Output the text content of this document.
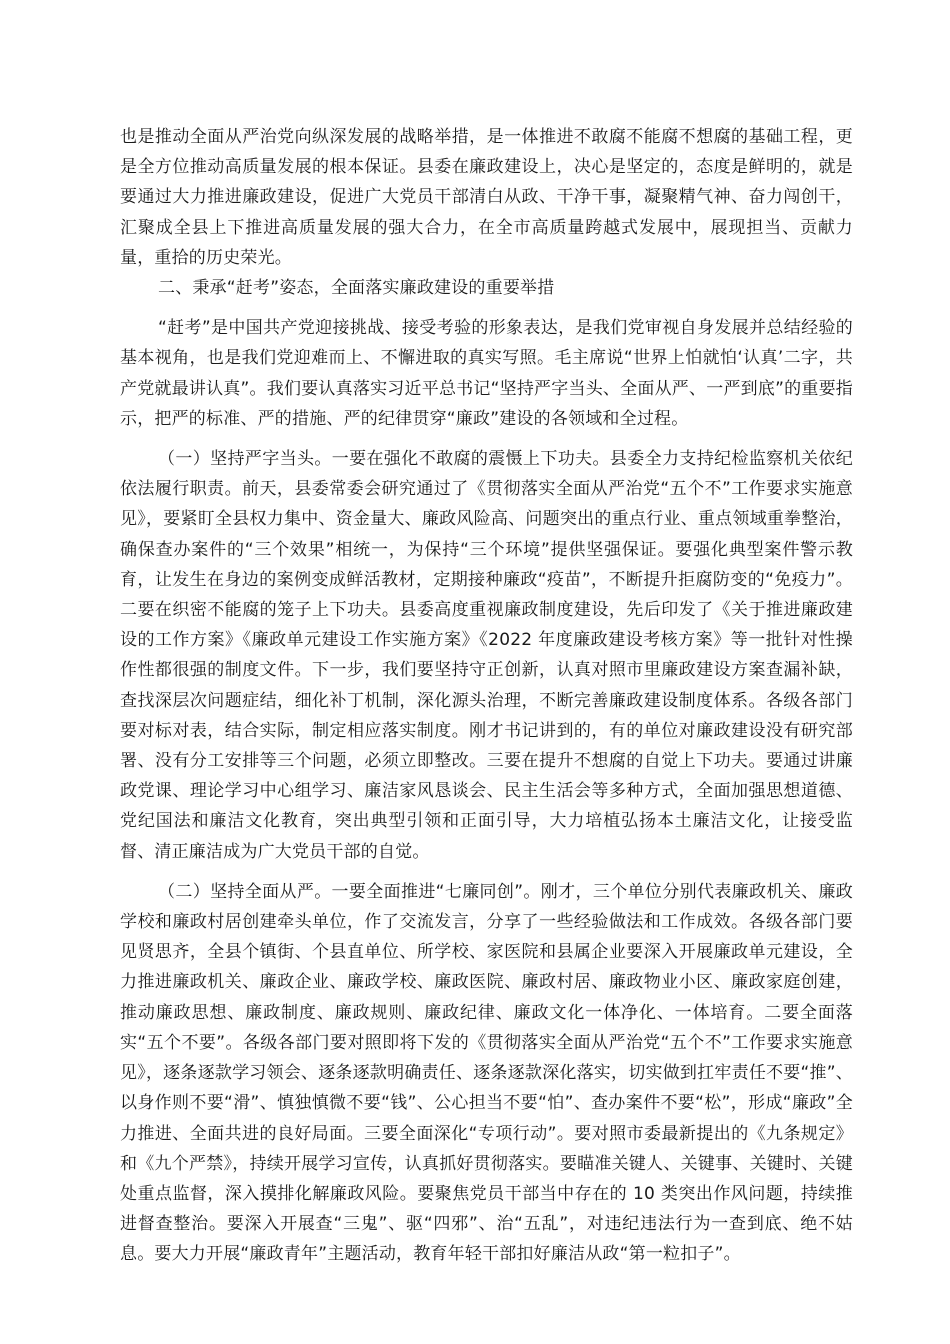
也是推动全面从严治党向纵深发展的战略举措，是一体推进不敢腐不能腐不想腐的基础工程，更是全方位推动高质量发展的根本保证。县委在廉政建设上，决心是坚定的，态度是鲜明的，就是要通过大力推进廉政建设，促进广大党员干部清白从政、干净干事，凝聚精气神、奋力闯创干，汇聚成全县上下推进高质量发展的强大合力，在全市高质量跨越式发展中，展现担当、贡献力量，重拾的历史荣光。

二、秉承“赶考”姿态，全面落实廉政建设的重要举措

“赶考”是中国共产党迎接挑战、接受考验的形象表达，是我们党审视自身发展并总结经验的基本视角，也是我们党迎难而上、不懈进取的真实写照。毛主席说“世界上怕就怕‘认真’二字，共产党就最讲认真”。我们要认真落实习近平总书记“坚持严字当头、全面从严、一严到底”的重要指示，把严的标准、严的措施、严的纪律贯穿“廉政”建设的各领域和全过程。

（一）坚持严字当头。一要在强化不敢腐的震慑上下功夫。县委全力支持纪检监察机关依纪依法履行职责。前天，县委常委会研究通过了《贯彻落实全面从严治党“五个不”工作要求实施意见》，要紧盯全县权力集中、资金量大、廉政风险高、问题突出的重点行业、重点领域重拳整治，确保查办案件的“三个效果”相统一，为保持“三个环境”提供坚强保证。要强化典型案件警示教育，让发生在身边的案例变成鲜活教材，定期接种廉政“疫苗”，不断提升拒腐防变的“免疫力”。二要在织密不能腐的笼子上下功夫。县委高度重视廉政制度建设，先后印发了《关于推进廉政建设的工作方案》《廉政单元建设工作实施方案》《2022 年度廉政建设考核方案》等一批针对性操作性都很强的制度文件。下一步，我们要坚持守正创新，认真对照市里廉政建设方案查漏补缺，查找深层次问题症结，细化补丁机制，深化源头治理，不断完善廉政建设制度体系。各级各部门要对标对表，结合实际，制定相应落实制度。刚才书记讲到的，有的单位对廉政建设没有研究部署、没有分工安排等三个问题，必须立即整改。三要在提升不想腐的自觉上下功夫。要通过讲廉政党课、理论学习中心组学习、廉洁家风恳谈会、民主生活会等多种方式，全面加强思想道德、党纪国法和廉洁文化教育，突出典型引领和正面引导，大力培植弘扬本土廉洁文化，让接受监督、清正廉洁成为广大党员干部的自觉。

（二）坚持全面从严。一要全面推进“七廉同创”。刚才，三个单位分别代表廉政机关、廉政学校和廉政村居创建牵头单位，作了交流发言，分享了一些经验做法和工作成效。各级各部门要见贤思齐，全县个镇街、个县直单位、所学校、家医院和县属企业要深入开展廉政单元建设，全力推进廉政机关、廉政企业、廉政学校、廉政医院、廉政村居、廉政物业小区、廉政家庭创建，推动廉政思想、廉政制度、廉政规则、廉政纪律、廉政文化一体净化、一体培育。二要全面落实“五个不要”。各级各部门要对照即将下发的《贯彻落实全面从严治党“五个不”工作要求实施意见》，逐条逐款学习领会、逐条逐款明确责任、逐条逐款深化落实，切实做到扛牢责任不要“推”、以身作则不要“滑”、慎独慎微不要“钱”、公心担当不要“怕”、查办案件不要“松”，形成“廉政”全力推进、全面共进的良好局面。三要全面深化“专项行动”。要对照市委最新提出的《九条规定》和《九个严禁》，持续开展学习宣传，认真抓好贯彻落实。要瞄准关键人、关键事、关键时、关键处重点监督，深入摸排化解廉政风险。要聚焦党员干部当中存在的 10 类突出作风问题，持续推进督查整治。要深入开展查“三鬼”、驱“四邪”、治“五乱”，对违纪违法行为一查到底、绝不姑息。要大力开展“廉政青年”主题活动，教育年轻干部扣好廉洁从政“第一粒扣子”。
